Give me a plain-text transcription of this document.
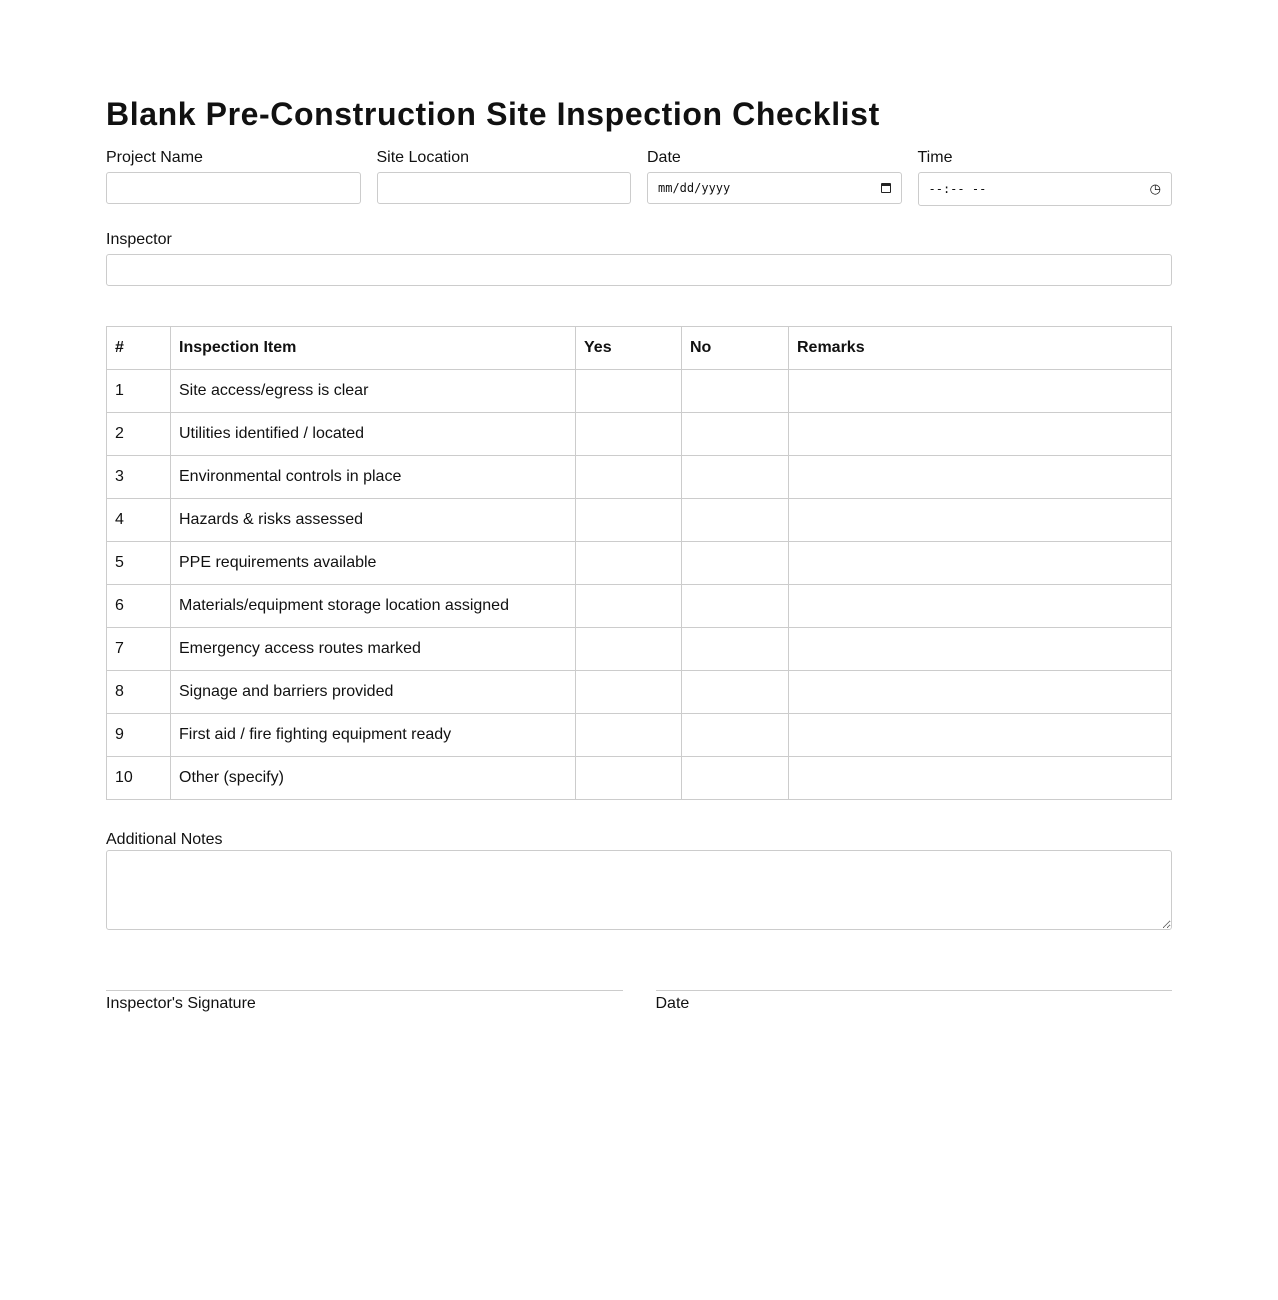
Blank Pre-Construction Site Inspection Checklist
Project Name	Site Location	Date
mm/dd/yyyy
Time
--:-- --	◷
Inspector
#	Inspection Item	Yes	No	Remarks
1	Site access/egress is clear			
2	Utilities identified / located			
3	Environmental controls in place			
4	Hazards & risks assessed			
5	PPE requirements available			
6	Materials/equipment storage location assigned			
7	Emergency access routes marked			
8	Signage and barriers provided			
9	First aid / fire fighting equipment ready			
10	Other (specify)			
Additional Notes
Inspector's Signature	Date
